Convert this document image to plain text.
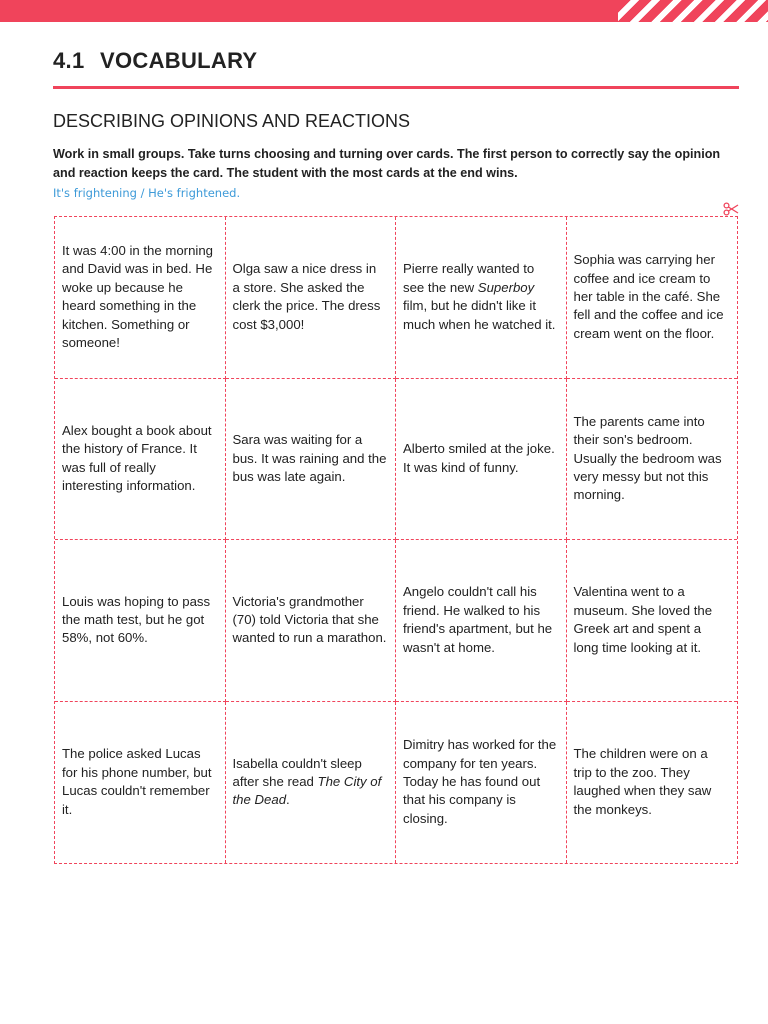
4.1 VOCABULARY
DESCRIBING OPINIONS AND REACTIONS
Work in small groups. Take turns choosing and turning over cards. The first person to correctly say the opinion and reaction keeps the card. The student with the most cards at the end wins.
It's frightening / He's frightened.
It was 4:00 in the morning and David was in bed. He woke up because he heard something in the kitchen. Something or someone!
Olga saw a nice dress in a store. She asked the clerk the price. The dress cost $3,000!
Pierre really wanted to see the new Superboy film, but he didn't like it much when he watched it.
Sophia was carrying her coffee and ice cream to her table in the café. She fell and the coffee and ice cream went on the floor.
Alex bought a book about the history of France. It was full of really interesting information.
Sara was waiting for a bus. It was raining and the bus was late again.
Alberto smiled at the joke. It was kind of funny.
The parents came into their son's bedroom. Usually the bedroom was very messy but not this morning.
Louis was hoping to pass the math test, but he got 58%, not 60%.
Victoria's grandmother (70) told Victoria that she wanted to run a marathon.
Angelo couldn't call his friend. He walked to his friend's apartment, but he wasn't at home.
Valentina went to a museum. She loved the Greek art and spent a long time looking at it.
The police asked Lucas for his phone number, but Lucas couldn't remember it.
Isabella couldn't sleep after she read The City of the Dead.
Dimitry has worked for the company for ten years. Today he has found out that his company is closing.
The children were on a trip to the zoo. They laughed when they saw the monkeys.
